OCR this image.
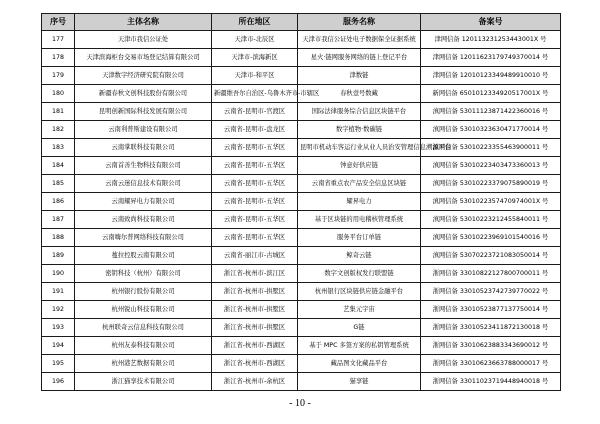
序号	主体名称	所在地区	服务名称	备案号
177	天津市我信公证处	天津市-北辰区	天津市我信公证处电子数据保全证据系统	津网信备 12011323125344300​1X 号
178	天津滨海柜台交易市场登记结算有限公司	天津市-滨海新区	星火·链网服务网络的链上登记平台	津网信备 12011623179749370014 号
179	天津数字经济研究院有限公司	天津市-和平区	津数链	津网信备 12010123349489910010 号
180	新疆春秋文创科技股份有限公司	新疆维吾尔自治区-乌鲁木齐市-市辖区	春秋壹号数藏	新网信备 65010123349205170​01X 号
181	昆明创新国际科技发展有限公司	云南省-昆明市-官渡区	国际法律服务综合信息区块链平台	滇网信备 53011123871422360016 号
182	云南利普斯建设有限公司	云南省-昆明市-盘龙区	数字植物·数碳链	滇网信备 53010323630471770014 号
183	云南掌联科技有限公司	云南省-昆明市-五华区	昆明市机动车客运行业从业人员治安管理信息溯源平台	滇网信备 53010223355463900011 号
184	云南首善生物科技有限公司	云南省-昆明市-五华区	钟意好供应链	滇网信备 53010223403473360013 号
185	云南云迷信息技术有限公司	云南省-昆明市-五华区	云南省重点农产品安全信息区块链	滇网信备 53010223379075890019 号
186	云南耀昇电力有限公司	云南省-昆明市-五华区	耀昇电力	滇网信备 53010223574709740​01X 号
187	云南致尚科技有限公司	云南省-昆明市-五华区	基于区块链的用电稽核管理系统	滇网信备 53010223212455840011 号
188	云南嗨尔普网络科技有限公司	云南省-昆明市-五华区	服务平台订单链	滇网信备 53010223969101540016 号
189	蔓拉控股云南有限公司	云南省-丽江市-古城区	鲸奇云链	滇网信备 53070223721083050014 号
190	密钥科技（杭州）有限公司	浙江省-杭州市-滨江区	数字文创版权发行联盟链	浙网信备 33010822127800700011 号
191	杭州银行股份有限公司	浙江省-杭州市-拱墅区	杭州银行区块链供应链金融平台	浙网信备 33010523742739770022 号
192	杭州锐山科技有限公司	浙江省-杭州市-拱墅区	艺集元宇宙	浙网信备 33010523877137750014 号
193	杭州联奇云信息科技有限公司	浙江省-杭州市-拱墅区	G链	浙网信备 33010523411872130018 号
194	杭州友泰科技有限公司	浙江省-杭州市-西湖区	基于 MPC 多签方案的私钥管理系统	浙网信备 33010623883343690012 号
195	杭州港艺数据有限公司	浙江省-杭州市-西湖区	藏品图文化藏品平台	浙网信备 33010623663788000017 号
196	浙江猫享技术有限公司	浙江省-杭州市-余杭区	猫享链	浙网信备 33011023719448940018 号
- 10 -
